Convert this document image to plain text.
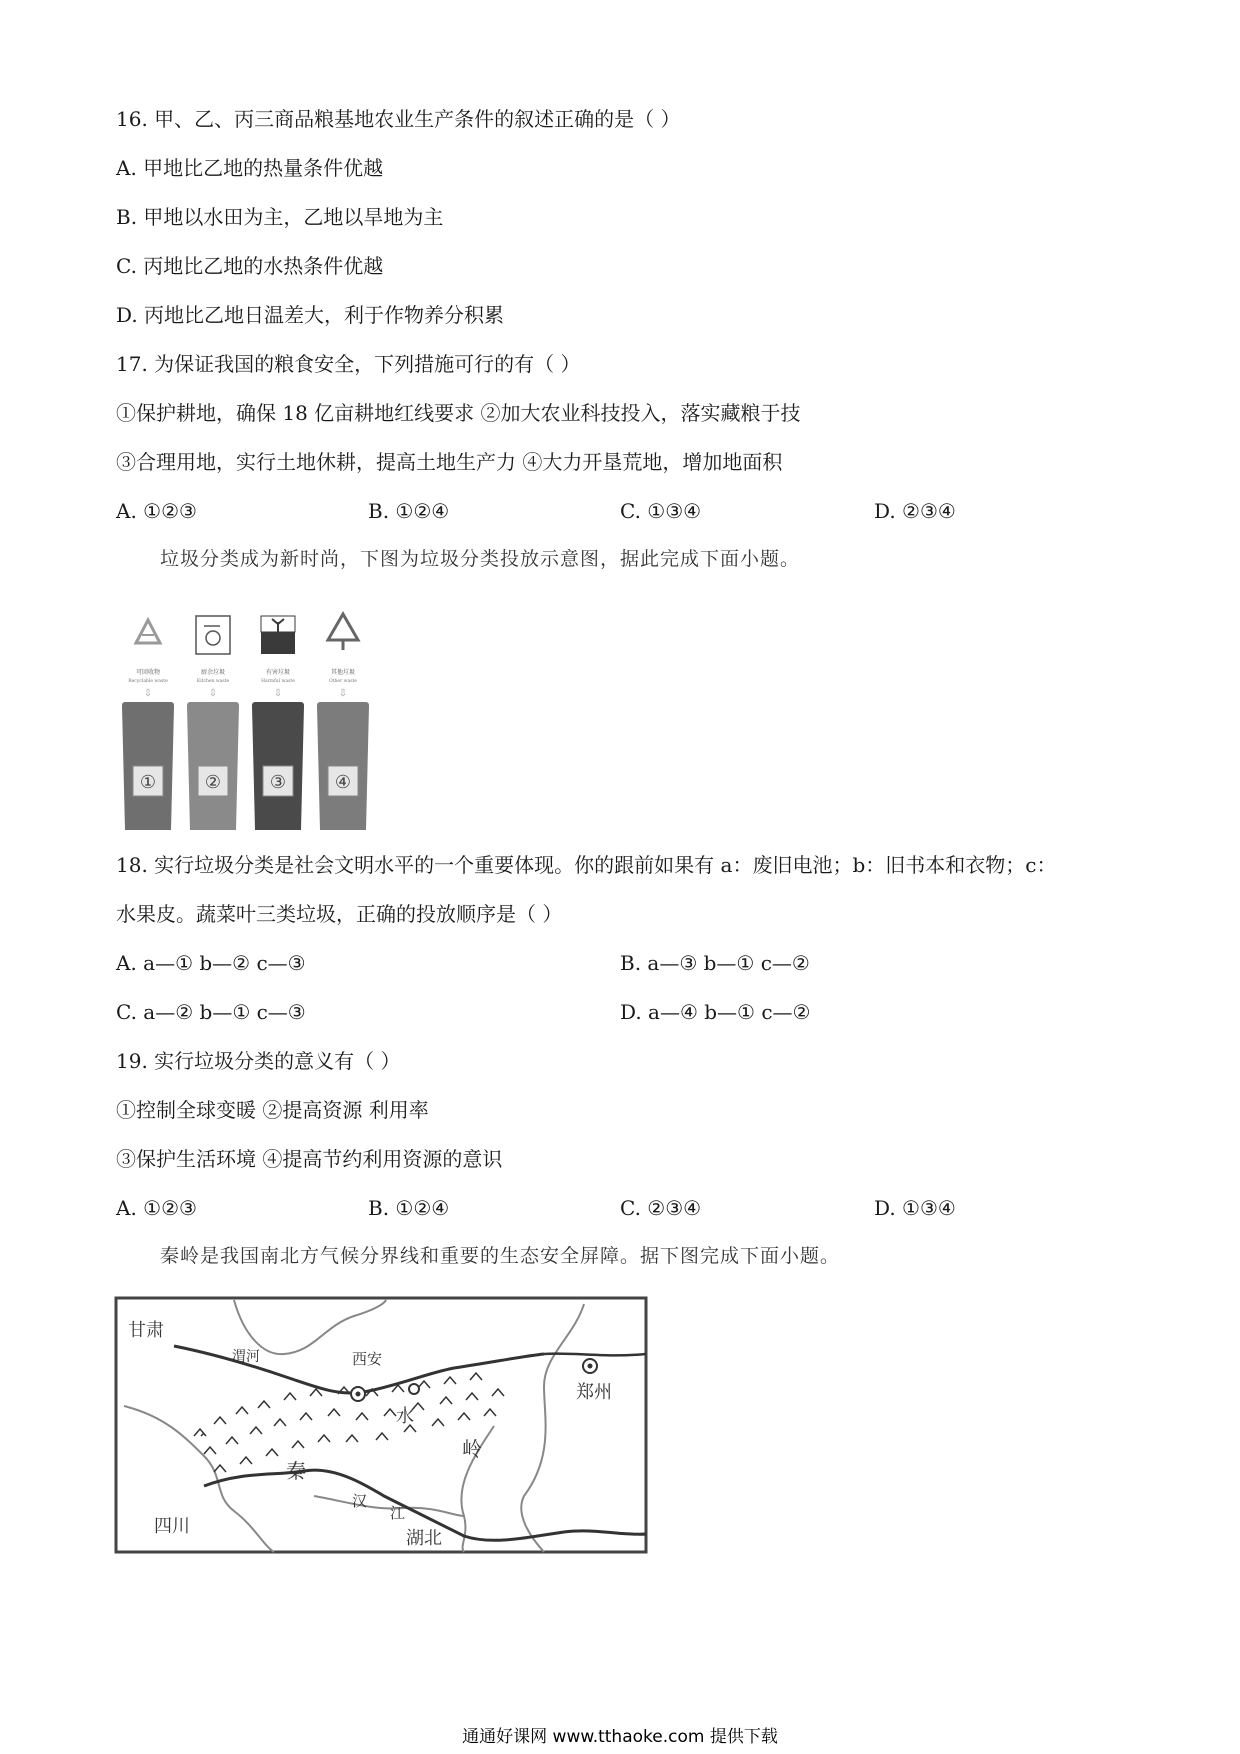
16. 甲、乙、丙三商品粮基地农业生产条件的叙述正确的是（ ）
A. 甲地比乙地的热量条件优越
B. 甲地以水田为主，乙地以旱地为主
C. 丙地比乙地的水热条件优越
D. 丙地比乙地日温差大，利于作物养分积累
17. 为保证我国的粮食安全，下列措施可行的有（ ）
①保护耕地，确保 18 亿亩耕地红线要求 ②加大农业科技投入，落实藏粮于技
③合理用地，实行土地休耕，提高土地生产力 ④大力开垦荒地，增加地面积
A. ①②③	B. ①②④	C. ①③④	D. ②③④
垃圾分类成为新时尚，下图为垃圾分类投放示意图，据此完成下面小题。
可回收物
Recyclable waste
⇩
①
厨余垃圾
Kitchen waste
⇩
②
有害垃圾
Harmful waste
⇩
③
其他垃圾
Other waste
⇩
④
18. 实行垃圾分类是社会文明水平的一个重要体现。你的跟前如果有 a：废旧电池；b：旧书本和衣物；c：
水果皮。蔬菜叶三类垃圾，正确的投放顺序是（ ）
A. a—① b—② c—③	B. a—③ b—① c—②
C. a—② b—① c—③	D. a—④ b—① c—②
19. 实行垃圾分类的意义有（ ）
①控制全球变暖 ②提高资源 利用率
③保护生活环境 ④提高节约利用资源的意识
A. ①②③	B. ①②④	C. ②③④	D. ①③④
秦岭是我国南北方气候分界线和重要的生态安全屏障。据下图完成下面小题。
甘肃
渭河	西安
郑州
秦
岭
水
汉
江
四川
湖北
通通好课网 www.tthaoke.com 提供下载
